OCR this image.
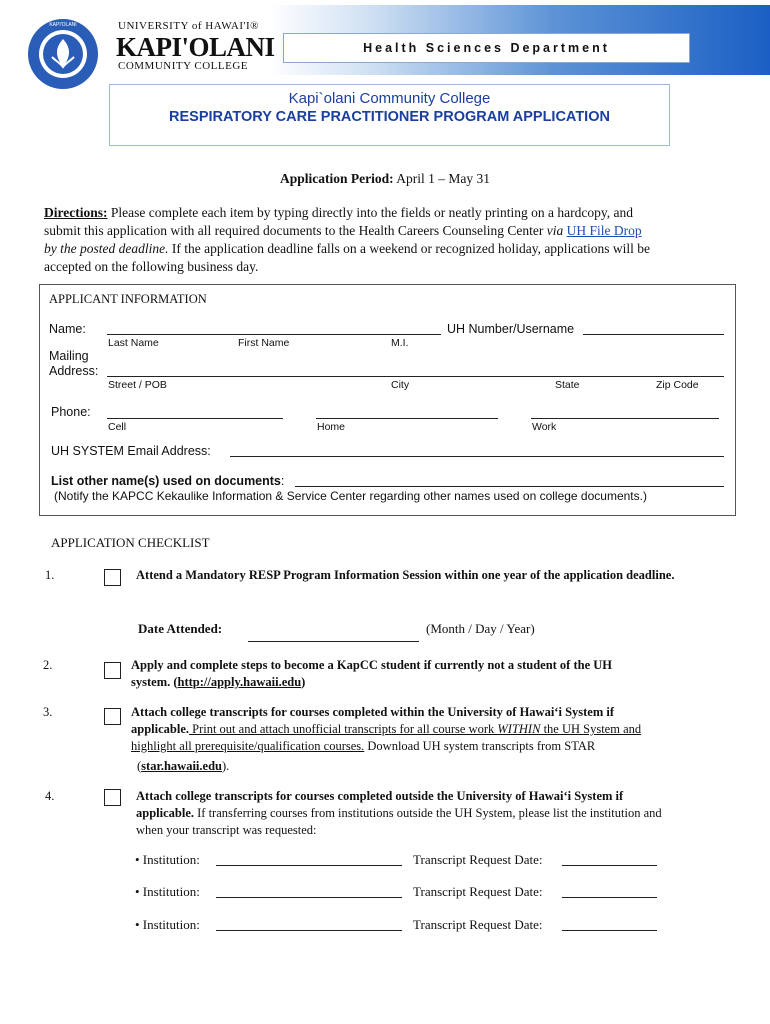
KAPI'OLANI	UNIVERSITY of HAWAI'I®
KAPI'OLANI
COMMUNITY COLLEGE
Health Sciences Department
Kapi`olani Community College
RESPIRATORY CARE PRACTITIONER PROGRAM APPLICATION
Application Period: April 1 – May 31
Directions: Please complete each item by typing directly into the fields or neatly printing on a hardcopy, and
submit this application with all required documents to the Health Careers Counseling Center via UH File Drop
by the posted deadline. If the application deadline falls on a weekend or recognized holiday, applications will be
accepted on the following business day.
APPLICANT INFORMATION
Name:	UH Number/Username
Last Name	First Name	M.I.
Mailing
Address:
Street / POB	City	State	Zip Code
Phone:
Cell	Home	Work
UH SYSTEM Email Address:
List other name(s) used on documents:
(Notify the KAPCC Kekaulike Information & Service Center regarding other names used on college documents.)
APPLICATION CHECKLIST
1.	Attend a Mandatory RESP Program Information Session within one year of the application deadline.
Date Attended:	(Month / Day / Year)
2.	Apply and complete steps to become a KapCC student if currently not a student of the UH
system. (http://apply.hawaii.edu)
3.	Attach college transcripts for courses completed within the University of Hawai‘i System if
applicable. Print out and attach unofficial transcripts for all course work WITHIN the UH System and
highlight all prerequisite/qualification courses. Download UH system transcripts from STAR
(star.hawaii.edu).
4.	Attach college transcripts for courses completed outside the University of Hawai‘i System if
applicable. If transferring courses from institutions outside the UH System, please list the institution and
when your transcript was requested:
• Institution:	Transcript Request Date:
• Institution:	Transcript Request Date:
• Institution:	Transcript Request Date:
